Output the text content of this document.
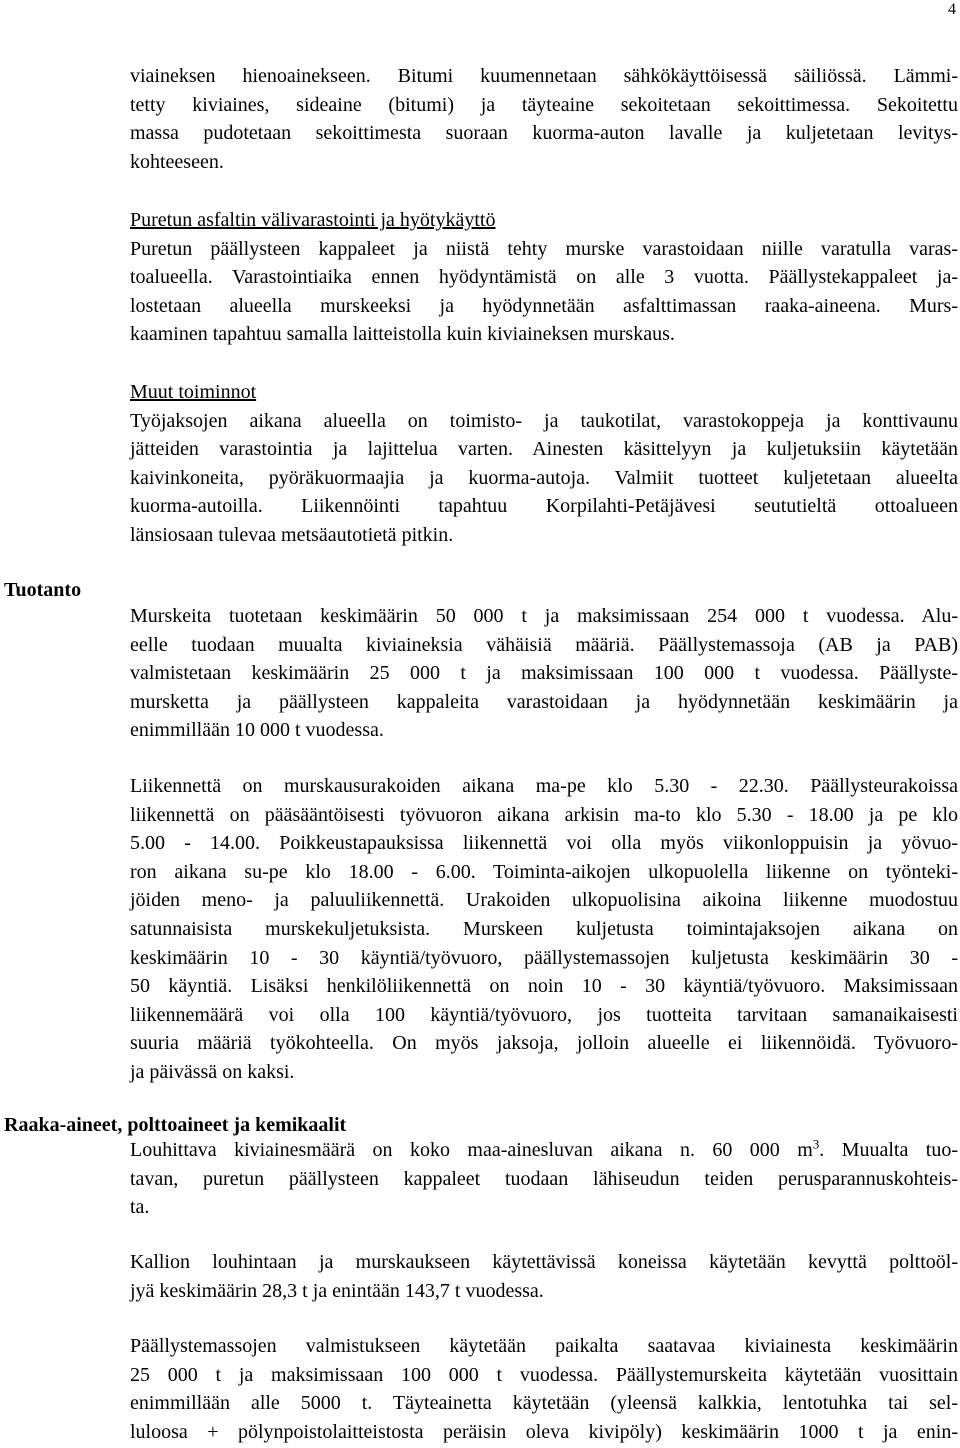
4
viaineksen hienoainekseen. Bitumi kuumennetaan sähkökäyttöisessä säiliössä. Lämmi-
tetty kiviaines, sideaine (bitumi) ja täyteaine sekoitetaan sekoittimessa. Sekoitettu
massa pudotetaan sekoittimesta suoraan kuorma-auton lavalle ja kuljetetaan levitys-
kohteeseen.
Puretun asfaltin välivarastointi ja hyötykäyttö
Puretun päällysteen kappaleet ja niistä tehty murske varastoidaan niille varatulla varas-
toalueella. Varastointiaika ennen hyödyntämistä on alle 3 vuotta. Päällystekappaleet ja-
lostetaan alueella murskeeksi ja hyödynnetään asfalttimassan raaka-aineena. Murs-
kaaminen tapahtuu samalla laitteistolla kuin kiviaineksen murskaus.
Muut toiminnot
Työjaksojen aikana alueella on toimisto- ja taukotilat, varastokoppeja ja konttivaunu
jätteiden varastointia ja lajittelua varten. Ainesten käsittelyyn ja kuljetuksiin käytetään
kaivinkoneita, pyöräkuormaajia ja kuorma-autoja. Valmiit tuotteet kuljetetaan alueelta
kuorma-autoilla. Liikennöinti tapahtuu Korpilahti-Petäjävesi seututieltä ottoalueen
länsiosaan tulevaa metsäautotietä pitkin.
Tuotanto
Murskeita tuotetaan keskimäärin 50 000 t ja maksimissaan 254 000 t vuodessa. Alu-
eelle tuodaan muualta kiviaineksia vähäisiä määriä. Päällystemassoja (AB ja PAB)
valmistetaan keskimäärin 25 000 t ja maksimissaan 100 000 t vuodessa. Päällyste-
mursketta ja päällysteen kappaleita varastoidaan ja hyödynnetään keskimäärin ja
enimmillään 10 000 t vuodessa.
Liikennettä on murskausurakoiden aikana ma-pe klo 5.30 - 22.30. Päällysteurakoissa
liikennettä on pääsääntöisesti työvuoron aikana arkisin ma-to klo 5.30 - 18.00 ja pe klo
5.00 - 14.00. Poikkeustapauksissa liikennettä voi olla myös viikonloppuisin ja yövuo-
ron aikana su-pe klo 18.00 - 6.00. Toiminta-aikojen ulkopuolella liikenne on työnteki-
jöiden meno- ja paluuliikennettä. Urakoiden ulkopuolisina aikoina liikenne muodostuu
satunnaisista murskekuljetuksista. Murskeen kuljetusta toimintajaksojen aikana on
keskimäärin 10 - 30 käyntiä/työvuoro, päällystemassojen kuljetusta keskimäärin 30 -
50 käyntiä. Lisäksi henkilöliikennettä on noin 10 - 30 käyntiä/työvuoro. Maksimissaan
liikennemäärä voi olla 100 käyntiä/työvuoro, jos tuotteita tarvitaan samanaikaisesti
suuria määriä työkohteella. On myös jaksoja, jolloin alueelle ei liikennöidä. Työvuoro-
ja päivässä on kaksi.
Raaka-aineet, polttoaineet ja kemikaalit
Louhittava kiviainesmäärä on koko maa-ainesluvan aikana n. 60 000 $m^3$. Muualta tuo-
tavan, puretun päällysteen kappaleet tuodaan lähiseudun teiden perusparannuskohteis-
ta.
Kallion louhintaan ja murskaukseen käytettävissä koneissa käytetään kevyttä polttoöl-
jyä keskimäärin 28,3 t ja enintään 143,7 t vuodessa.
Päällystemassojen valmistukseen käytetään paikalta saatavaa kiviainesta keskimäärin
25 000 t ja maksimissaan 100 000 t vuodessa. Päällystemurskeita käytetään vuosittain
enimmillään alle 5000 t. Täyteainetta käytetään (yleensä kalkkia, lentotuhka tai sel-
luloosa + pölynpoistolaitteistosta peräisin oleva kivipöly) keskimäärin 1000 t ja enin-
